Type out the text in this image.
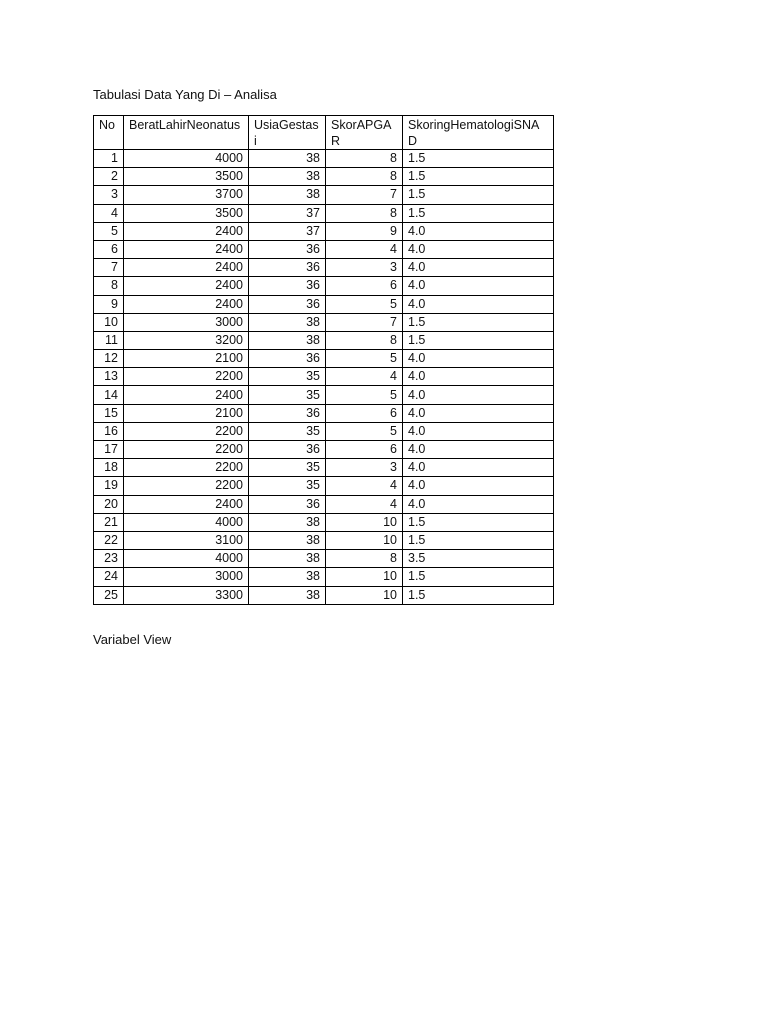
Tabulasi Data Yang Di – Analisa
No	BeratLahirNeonatus	UsiaGestasi	SkorAPGAR	SkoringHematologiSNAD
1	4000	38	8	1.5
2	3500	38	8	1.5
3	3700	38	7	1.5
4	3500	37	8	1.5
5	2400	37	9	4.0
6	2400	36	4	4.0
7	2400	36	3	4.0
8	2400	36	6	4.0
9	2400	36	5	4.0
10	3000	38	7	1.5
11	3200	38	8	1.5
12	2100	36	5	4.0
13	2200	35	4	4.0
14	2400	35	5	4.0
15	2100	36	6	4.0
16	2200	35	5	4.0
17	2200	36	6	4.0
18	2200	35	3	4.0
19	2200	35	4	4.0
20	2400	36	4	4.0
21	4000	38	10	1.5
22	3100	38	10	1.5
23	4000	38	8	3.5
24	3000	38	10	1.5
25	3300	38	10	1.5
Variabel View
